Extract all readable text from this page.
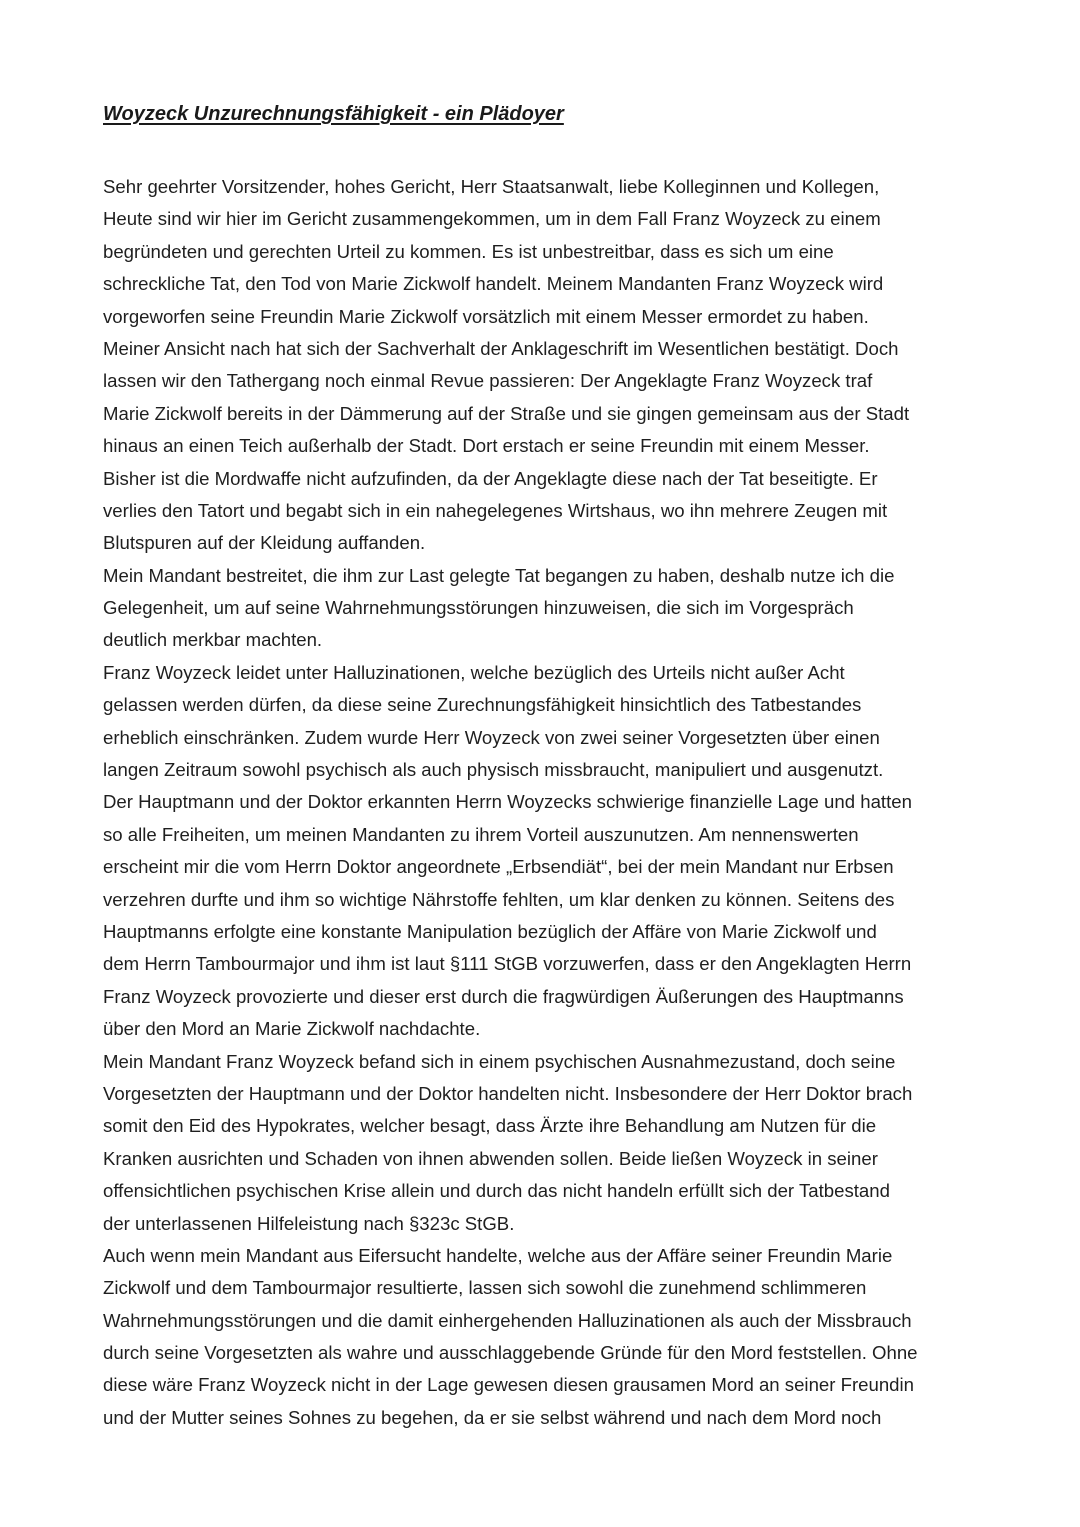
Woyzeck Unzurechnungsfähigkeit - ein Plädoyer
Sehr geehrter Vorsitzender, hohes Gericht, Herr Staatsanwalt, liebe Kolleginnen und Kollegen,
Heute sind wir hier im Gericht zusammengekommen, um in dem Fall Franz Woyzeck zu einem
begründeten und gerechten Urteil zu kommen. Es ist unbestreitbar, dass es sich um eine
schreckliche Tat, den Tod von Marie Zickwolf handelt. Meinem Mandanten Franz Woyzeck wird
vorgeworfen seine Freundin Marie Zickwolf vorsätzlich mit einem Messer ermordet zu haben.
Meiner Ansicht nach hat sich der Sachverhalt der Anklageschrift im Wesentlichen bestätigt. Doch
lassen wir den Tathergang noch einmal Revue passieren: Der Angeklagte Franz Woyzeck traf
Marie Zickwolf bereits in der Dämmerung auf der Straße und sie gingen gemeinsam aus der Stadt
hinaus an einen Teich außerhalb der Stadt. Dort erstach er seine Freundin mit einem Messer.
Bisher ist die Mordwaffe nicht aufzufinden, da der Angeklagte diese nach der Tat beseitigte. Er
verlies den Tatort und begabt sich in ein nahegelegenes Wirtshaus, wo ihn mehrere Zeugen mit
Blutspuren auf der Kleidung auffanden.
Mein Mandant bestreitet, die ihm zur Last gelegte Tat begangen zu haben, deshalb nutze ich die
Gelegenheit, um auf seine Wahrnehmungsstörungen hinzuweisen, die sich im Vorgespräch
deutlich merkbar machten.
Franz Woyzeck leidet unter Halluzinationen, welche bezüglich des Urteils nicht außer Acht
gelassen werden dürfen, da diese seine Zurechnungsfähigkeit hinsichtlich des Tatbestandes
erheblich einschränken. Zudem wurde Herr Woyzeck von zwei seiner Vorgesetzten über einen
langen Zeitraum sowohl psychisch als auch physisch missbraucht, manipuliert und ausgenutzt.
Der Hauptmann und der Doktor erkannten Herrn Woyzecks schwierige finanzielle Lage und hatten
so alle Freiheiten, um meinen Mandanten zu ihrem Vorteil auszunutzen. Am nennenswerten
erscheint mir die vom Herrn Doktor angeordnete „Erbsendiät“, bei der mein Mandant nur Erbsen
verzehren durfte und ihm so wichtige Nährstoffe fehlten, um klar denken zu können. Seitens des
Hauptmanns erfolgte eine konstante Manipulation bezüglich der Affäre von Marie Zickwolf und
dem Herrn Tambourmajor und ihm ist laut §111 StGB vorzuwerfen, dass er den Angeklagten Herrn
Franz Woyzeck provozierte und dieser erst durch die fragwürdigen Äußerungen des Hauptmanns
über den Mord an Marie Zickwolf nachdachte.
Mein Mandant Franz Woyzeck befand sich in einem psychischen Ausnahmezustand, doch seine
Vorgesetzten der Hauptmann und der Doktor handelten nicht. Insbesondere der Herr Doktor brach
somit den Eid des Hypokrates, welcher besagt, dass Ärzte ihre Behandlung am Nutzen für die
Kranken ausrichten und Schaden von ihnen abwenden sollen. Beide ließen Woyzeck in seiner
offensichtlichen psychischen Krise allein und durch das nicht handeln erfüllt sich der Tatbestand
der unterlassenen Hilfeleistung nach §323c StGB.
Auch wenn mein Mandant aus Eifersucht handelte, welche aus der Affäre seiner Freundin Marie
Zickwolf und dem Tambourmajor resultierte, lassen sich sowohl die zunehmend schlimmeren
Wahrnehmungsstörungen und die damit einhergehenden Halluzinationen als auch der Missbrauch
durch seine Vorgesetzten als wahre und ausschlaggebende Gründe für den Mord feststellen. Ohne
diese wäre Franz Woyzeck nicht in der Lage gewesen diesen grausamen Mord an seiner Freundin
und der Mutter seines Sohnes zu begehen, da er sie selbst während und nach dem Mord noch
